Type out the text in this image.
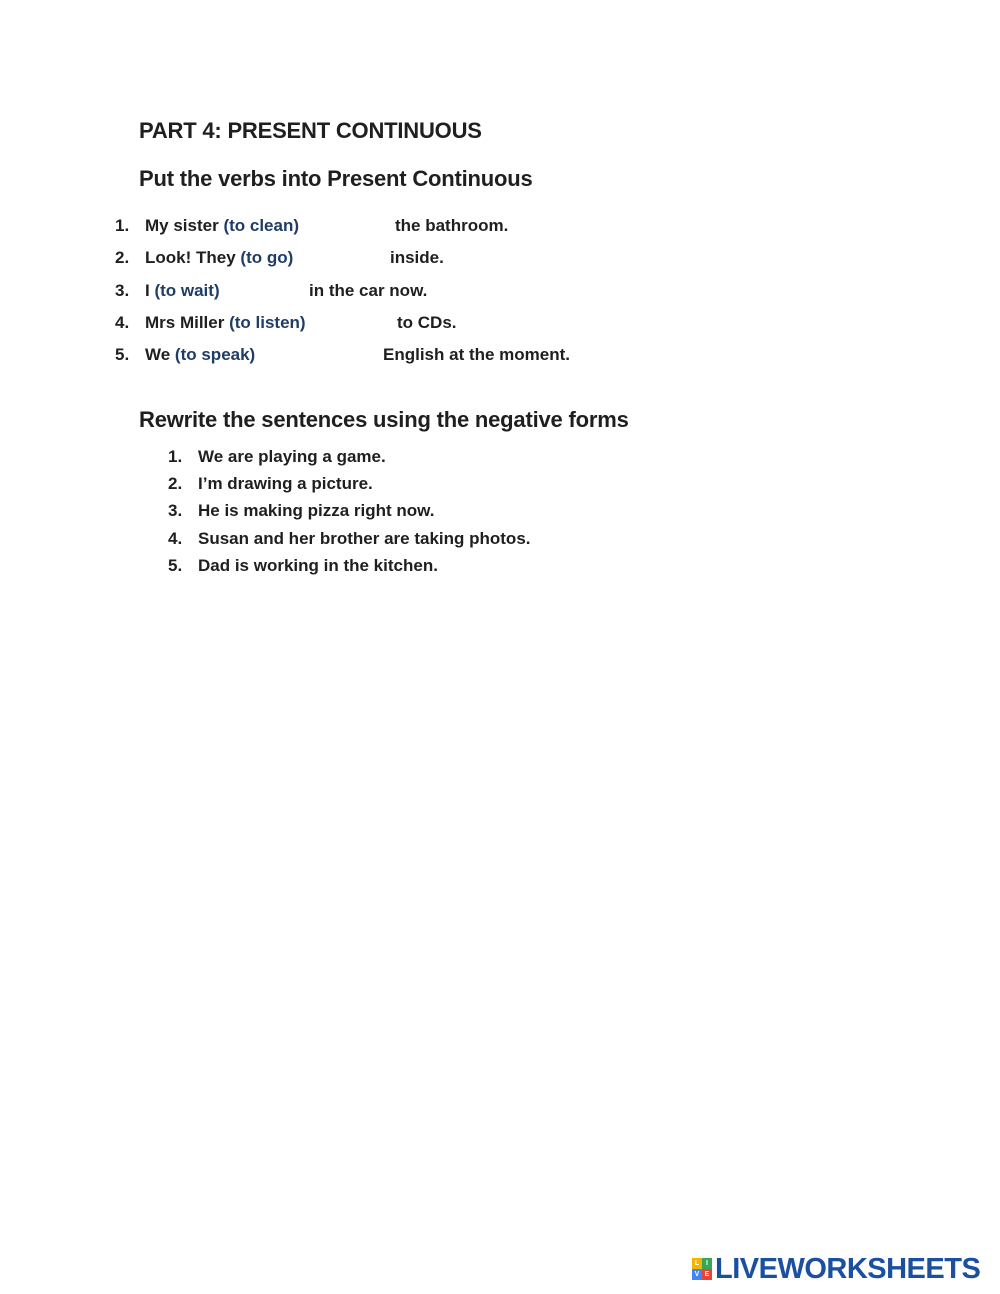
PART 4: PRESENT CONTINUOUS
Put the verbs into Present Continuous
1. My sister (to clean)	the bathroom.
2. Look! They (to go)	inside.
3. I (to wait)	in the car now.
4. Mrs Miller (to listen)	to CDs.
5. We (to speak)	English at the moment.
Rewrite the sentences using the negative forms
1. We are playing a game.
2. I’m drawing a picture.
3. He is making pizza right now.
4. Susan and her brother are taking photos.
5. Dad is working in the kitchen.
L I
V E LIVEWORKSHEETS
